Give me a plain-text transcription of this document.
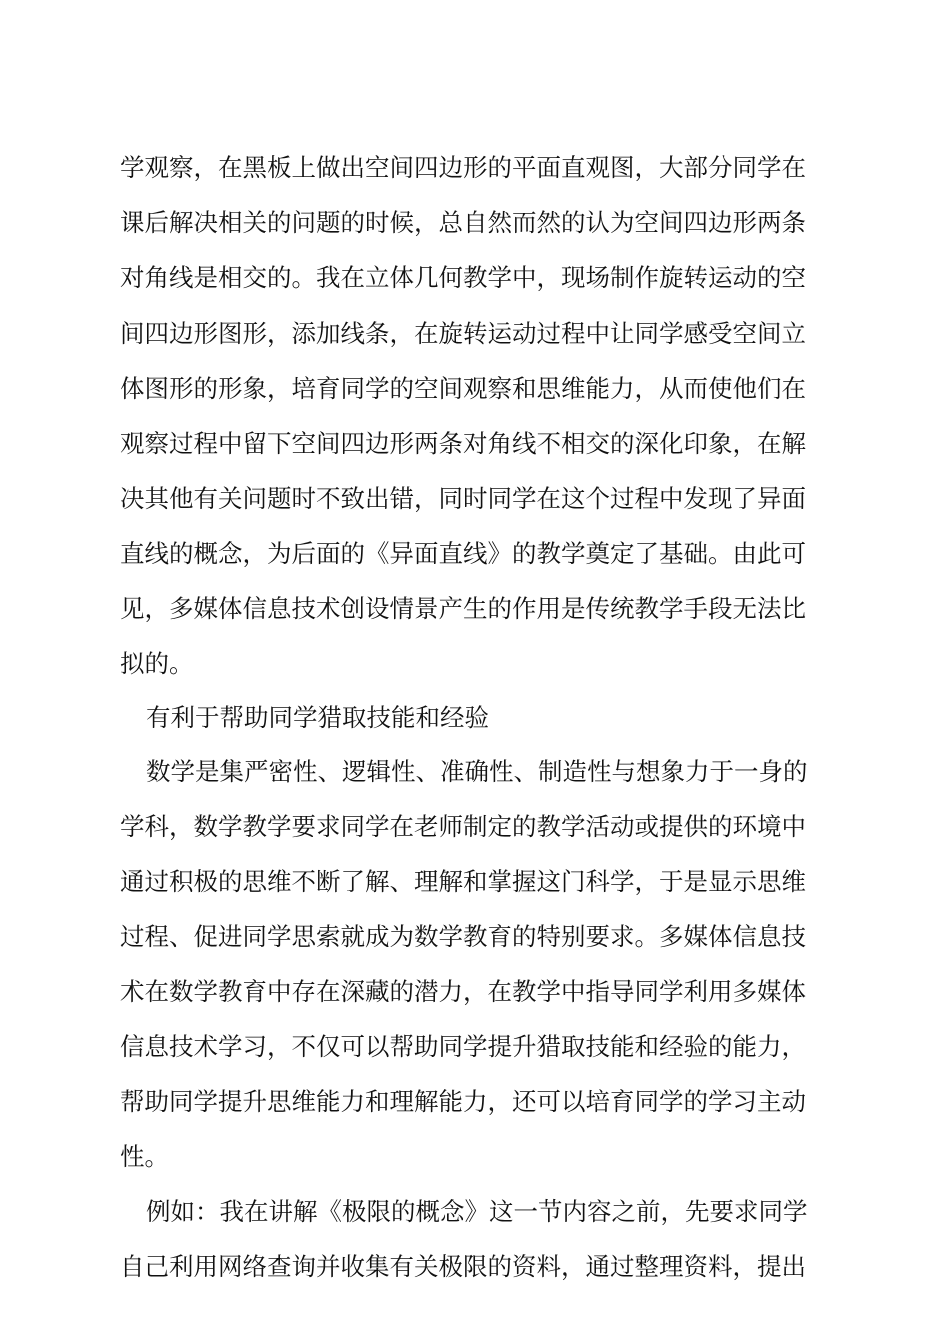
学观察，在黑板上做出空间四边形的平面直观图，大部分同学在
课后解决相关的问题的时候，总自然而然的认为空间四边形两条
对角线是相交的。我在立体几何教学中，现场制作旋转运动的空
间四边形图形，添加线条，在旋转运动过程中让同学感受空间立
体图形的形象，培育同学的空间观察和思维能力，从而使他们在
观察过程中留下空间四边形两条对角线不相交的深化印象，在解
决其他有关问题时不致出错，同时同学在这个过程中发现了异面
直线的概念，为后面的《异面直线》的教学奠定了基础。由此可
见，多媒体信息技术创设情景产生的作用是传统教学手段无法比
拟的。
有利于帮助同学猎取技能和经验
数学是集严密性、逻辑性、准确性、制造性与想象力于一身的
学科，数学教学要求同学在老师制定的教学活动或提供的环境中
通过积极的思维不断了解、理解和掌握这门科学，于是显示思维
过程、促进同学思索就成为数学教育的特别要求。多媒体信息技
术在数学教育中存在深藏的潜力，在教学中指导同学利用多媒体
信息技术学习，不仅可以帮助同学提升猎取技能和经验的能力，
帮助同学提升思维能力和理解能力，还可以培育同学的学习主动
性。
例如：我在讲解《极限的概念》这一节内容之前，先要求同学
自己利用网络查询并收集有关极限的资料，通过整理资料，提出
